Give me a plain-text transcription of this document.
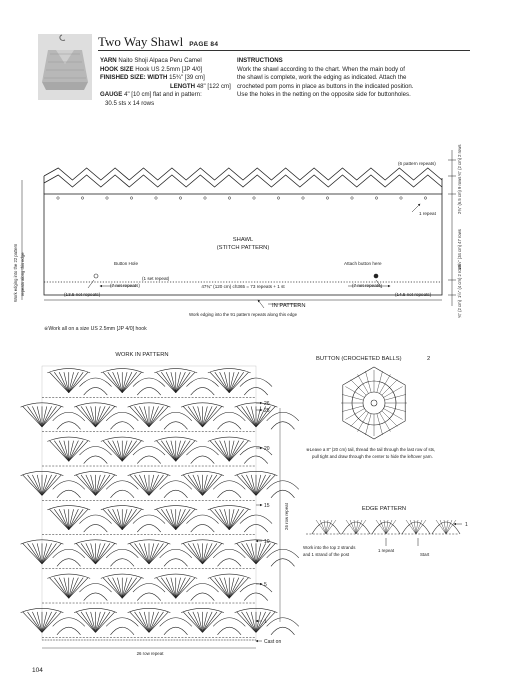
Two Way Shawl PAGE 84
YARN Naito Shoji Alpaca Peru Camel
HOOK SIZE Hook US 2.5mm [JP 4/0]
FINISHED SIZE: WIDTH 15¾" [39 cm]
LENGTH 48" [122 cm]
GAUGE 4" [10 cm] flat and in pattern:
30.5 sts x 14 rows
INSTRUCTIONS
Work the shawl according to the chart. When the main body of
the shawl is complete, work the edging as indicated. Attach the
crocheted pom poms in place as buttons in the indicated position.
Use the holes in the netting on the opposite side for buttonholes.
(6 pattern repeats)
1 repeat
SHAWL
(STITCH PATTERN)
Button Hole	Attach button here
(1 set repeat)
(7 net repeats)	47¾" (120 cm) ch365 = 73 repeats + 1 st	(7 net repeats)
(13.5 net repeats)	(14.5 net repeats)
IN PATTERN
Work edging into the 91 pattern repeats along this edge
※Work all on a size US 2.5mm [JP 4/0] hook
Work edging into the 22 pattern repeats along this edge
¾" (2 cm) 2 rows
2¾" (6.5 cm) 9 rows
13½" (34 cm) 47 rows
1½" (4 cm) 2 rows
¾" (2 cm)
WORK IN PATTERN
26
25
20
15
10
5
1
Cast on
26 row repeat
26 row repeat
BUTTON (CROCHETED BALLS)	2
※Leave a 8" (20 cm) tail, thread the tail through the last row of sts,
pull tight and draw through the center to hide the leftover yarn.
EDGE PATTERN
1
Work into the top 2 strands
and 1 strand of the post
1 repeat
Start
104
